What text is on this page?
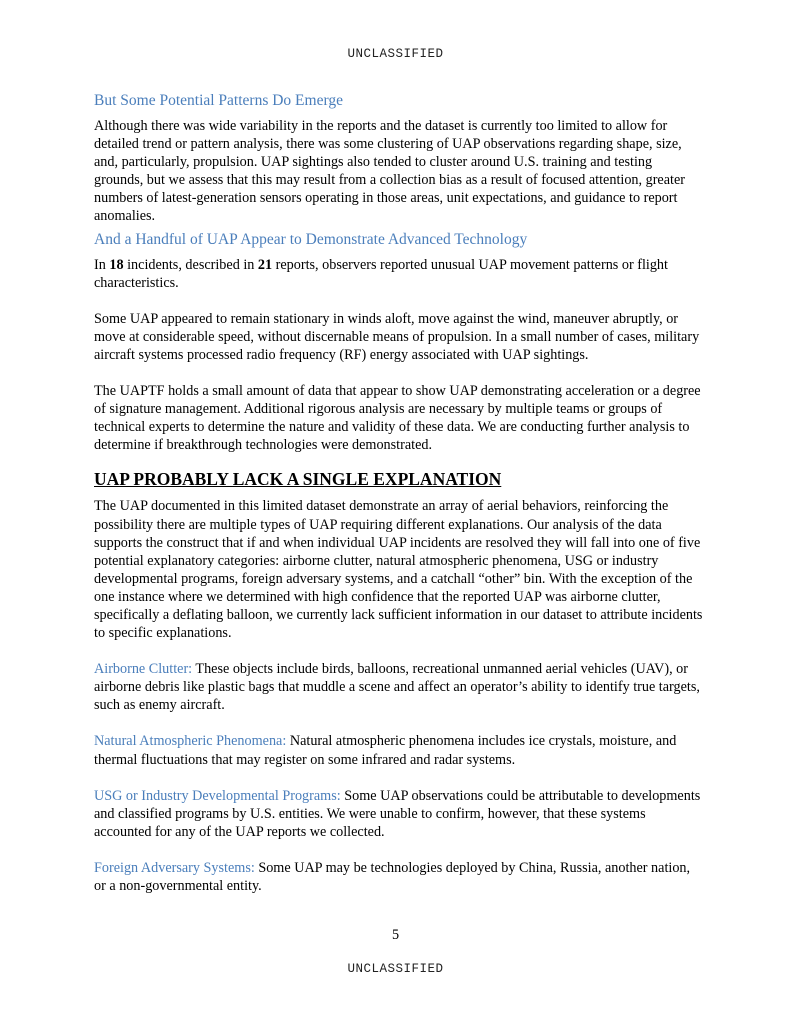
UNCLASSIFIED
But Some Potential Patterns Do Emerge

Although there was wide variability in the reports and the dataset is currently too limited to allow for detailed trend or pattern analysis, there was some clustering of UAP observations regarding shape, size, and, particularly, propulsion. UAP sightings also tended to cluster around U.S. training and testing grounds, but we assess that this may result from a collection bias as a result of focused attention, greater numbers of latest-generation sensors operating in those areas, unit expectations, and guidance to report anomalies.

And a Handful of UAP Appear to Demonstrate Advanced Technology

In 18 incidents, described in 21 reports, observers reported unusual UAP movement patterns or flight characteristics.

Some UAP appeared to remain stationary in winds aloft, move against the wind, maneuver abruptly, or move at considerable speed, without discernable means of propulsion. In a small number of cases, military aircraft systems processed radio frequency (RF) energy associated with UAP sightings.

The UAPTF holds a small amount of data that appear to show UAP demonstrating acceleration or a degree of signature management. Additional rigorous analysis are necessary by multiple teams or groups of technical experts to determine the nature and validity of these data. We are conducting further analysis to determine if breakthrough technologies were demonstrated.

UAP PROBABLY LACK A SINGLE EXPLANATION

The UAP documented in this limited dataset demonstrate an array of aerial behaviors, reinforcing the possibility there are multiple types of UAP requiring different explanations. Our analysis of the data supports the construct that if and when individual UAP incidents are resolved they will fall into one of five potential explanatory categories: airborne clutter, natural atmospheric phenomena, USG or industry developmental programs, foreign adversary systems, and a catchall “other” bin. With the exception of the one instance where we determined with high confidence that the reported UAP was airborne clutter, specifically a deflating balloon, we currently lack sufficient information in our dataset to attribute incidents to specific explanations.

Airborne Clutter: These objects include birds, balloons, recreational unmanned aerial vehicles (UAV), or airborne debris like plastic bags that muddle a scene and affect an operator’s ability to identify true targets, such as enemy aircraft.

Natural Atmospheric Phenomena: Natural atmospheric phenomena includes ice crystals, moisture, and thermal fluctuations that may register on some infrared and radar systems.

USG or Industry Developmental Programs: Some UAP observations could be attributable to developments and classified programs by U.S. entities. We were unable to confirm, however, that these systems accounted for any of the UAP reports we collected.

Foreign Adversary Systems: Some UAP may be technologies deployed by China, Russia, another nation, or a non-governmental entity.

5
UNCLASSIFIED
